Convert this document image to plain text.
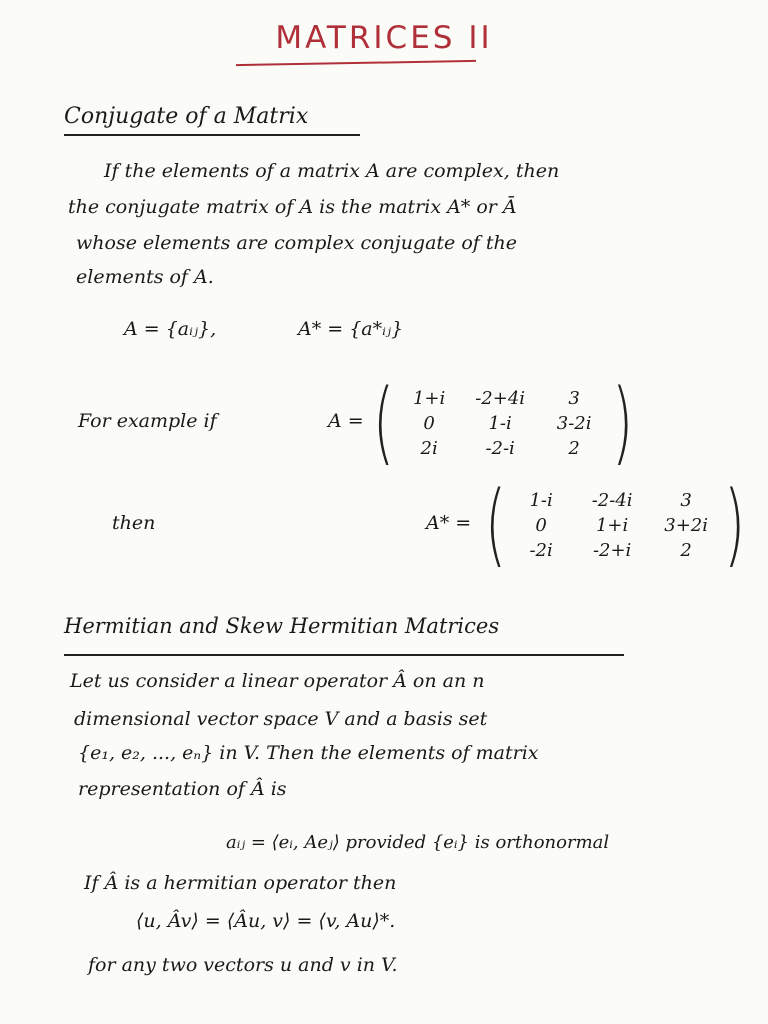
MATRICES II
Conjugate of a Matrix
If the elements of a matrix A are complex, then
the conjugate matrix of A is the matrix A* or Ā
whose elements are complex conjugate of the
elements of A.
A = {aᵢⱼ},	A* = {a*ᵢⱼ}
For example if	A = (	1+i	-2+4i	3
0	1-i	3-2i
2i	-2-i	2 )
then	A* = (	1-i	-2-4i	3
0	1+i	3+2i
-2i	-2+i	2 )
Hermitian and Skew Hermitian Matrices
Let us consider a linear operator Â on an n
dimensional vector space V and a basis set
{e₁, e₂, ..., eₙ} in V. Then the elements of matrix
representation of Â is
aᵢⱼ = ⟨eᵢ, Aeⱼ⟩ provided {eᵢ} is orthonormal
If Â is a hermitian operator then
⟨u, Âv⟩ = ⟨Âu, v⟩ = ⟨v, Au⟩*.
for any two vectors u and v in V.
